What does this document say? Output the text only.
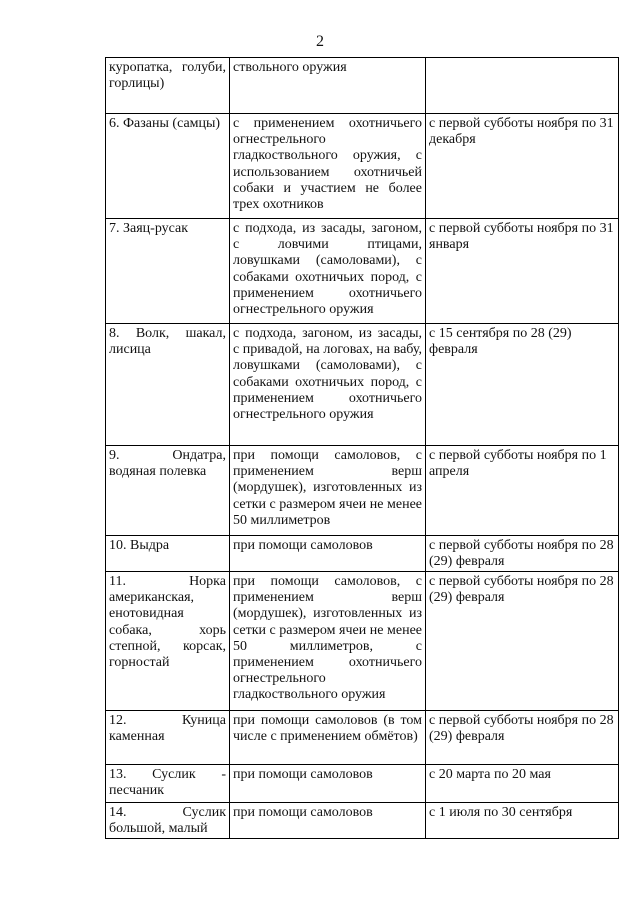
2
куропатка, голуби, горлицы)	ствольного оружия	
6. Фазаны (самцы)	с применением охотничьего огнестрельного гладкоствольного оружия, с использованием охотничьей собаки и участием не более трех охотников	с первой субботы ноября по 31 декабря
7. Заяц-русак	с подхода, из засады, загоном, с ловчими птицами, ловушками (самоловами), с собаками охотничьих пород, с применением охотничьего огнестрельного оружия	с первой субботы ноября по 31 января
8. Волк, шакал, лисица	с подхода, загоном, из засады, с привадой, на логовах, на вабу, ловушками (самоловами), с собаками охотничьих пород, с применением охотничьего огнестрельного оружия	с 15 сентября по 28 (29) февраля
9. Ондатра, водяная полевка	при помощи самоловов, с применением верш (мордушек), изготовленных из сетки с размером ячеи не менее 50 миллиметров	с первой субботы ноября по 1 апреля
10. Выдра	при помощи самоловов	с первой субботы ноября по 28 (29) февраля
11. Норка американская, енотовидная собака, хорь степной, корсак, горностай	при помощи самоловов, с применением верш (мордушек), изготовленных из сетки с размером ячеи не менее 50 миллиметров, с применением охотничьего огнестрельного гладкоствольного оружия	с первой субботы ноября по 28 (29) февраля
12. Куница каменная	при помощи самоловов (в том числе с применением обмётов)	с первой субботы ноября по 28 (29) февраля
13. Суслик - песчаник	при помощи самоловов	с 20 марта по 20 мая
14. Суслик большой, малый	при помощи самоловов	с 1 июля по 30 сентября
